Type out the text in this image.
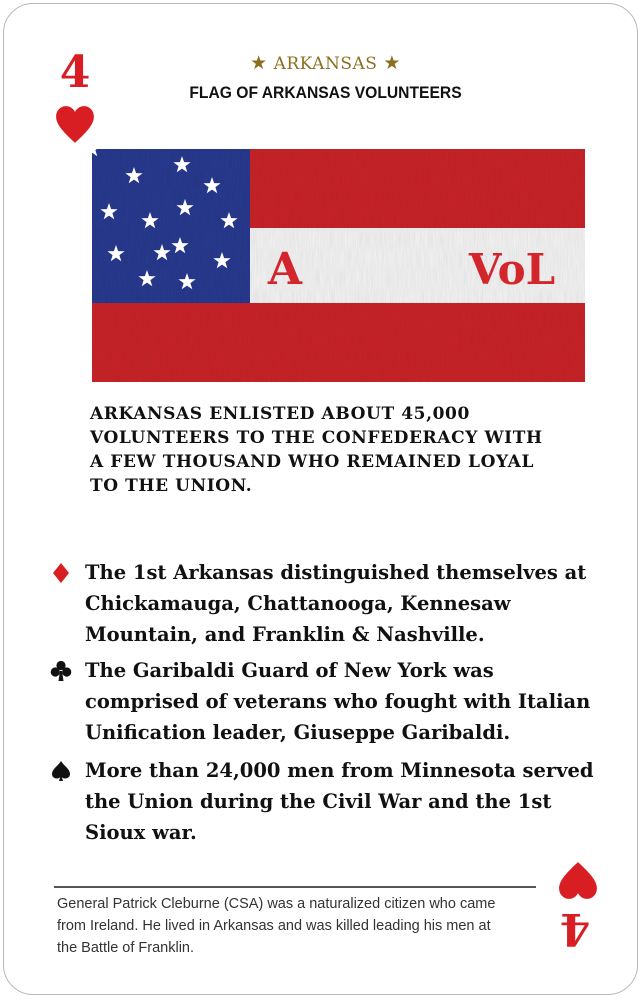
4	★ ARKANSAS ★
FLAG OF ARKANSAS VOLUNTEERS
A	VoL
ARKANSAS ENLISTED ABOUT 45,000
VOLUNTEERS TO THE CONFEDERACY WITH
A FEW THOUSAND WHO REMAINED LOYAL
TO THE UNION.
The 1st Arkansas distinguished themselves at
Chickamauga, Chattanooga, Kennesaw
Mountain, and Franklin & Nashville.
The Garibaldi Guard of New York was
comprised of veterans who fought with Italian
Unification leader, Giuseppe Garibaldi.
More than 24,000 men from Minnesota served
the Union during the Civil War and the 1st
Sioux war.
General Patrick Cleburne (CSA) was a naturalized citizen who came
from Ireland. He lived in Arkansas and was killed leading his men at
the Battle of Franklin.	4
